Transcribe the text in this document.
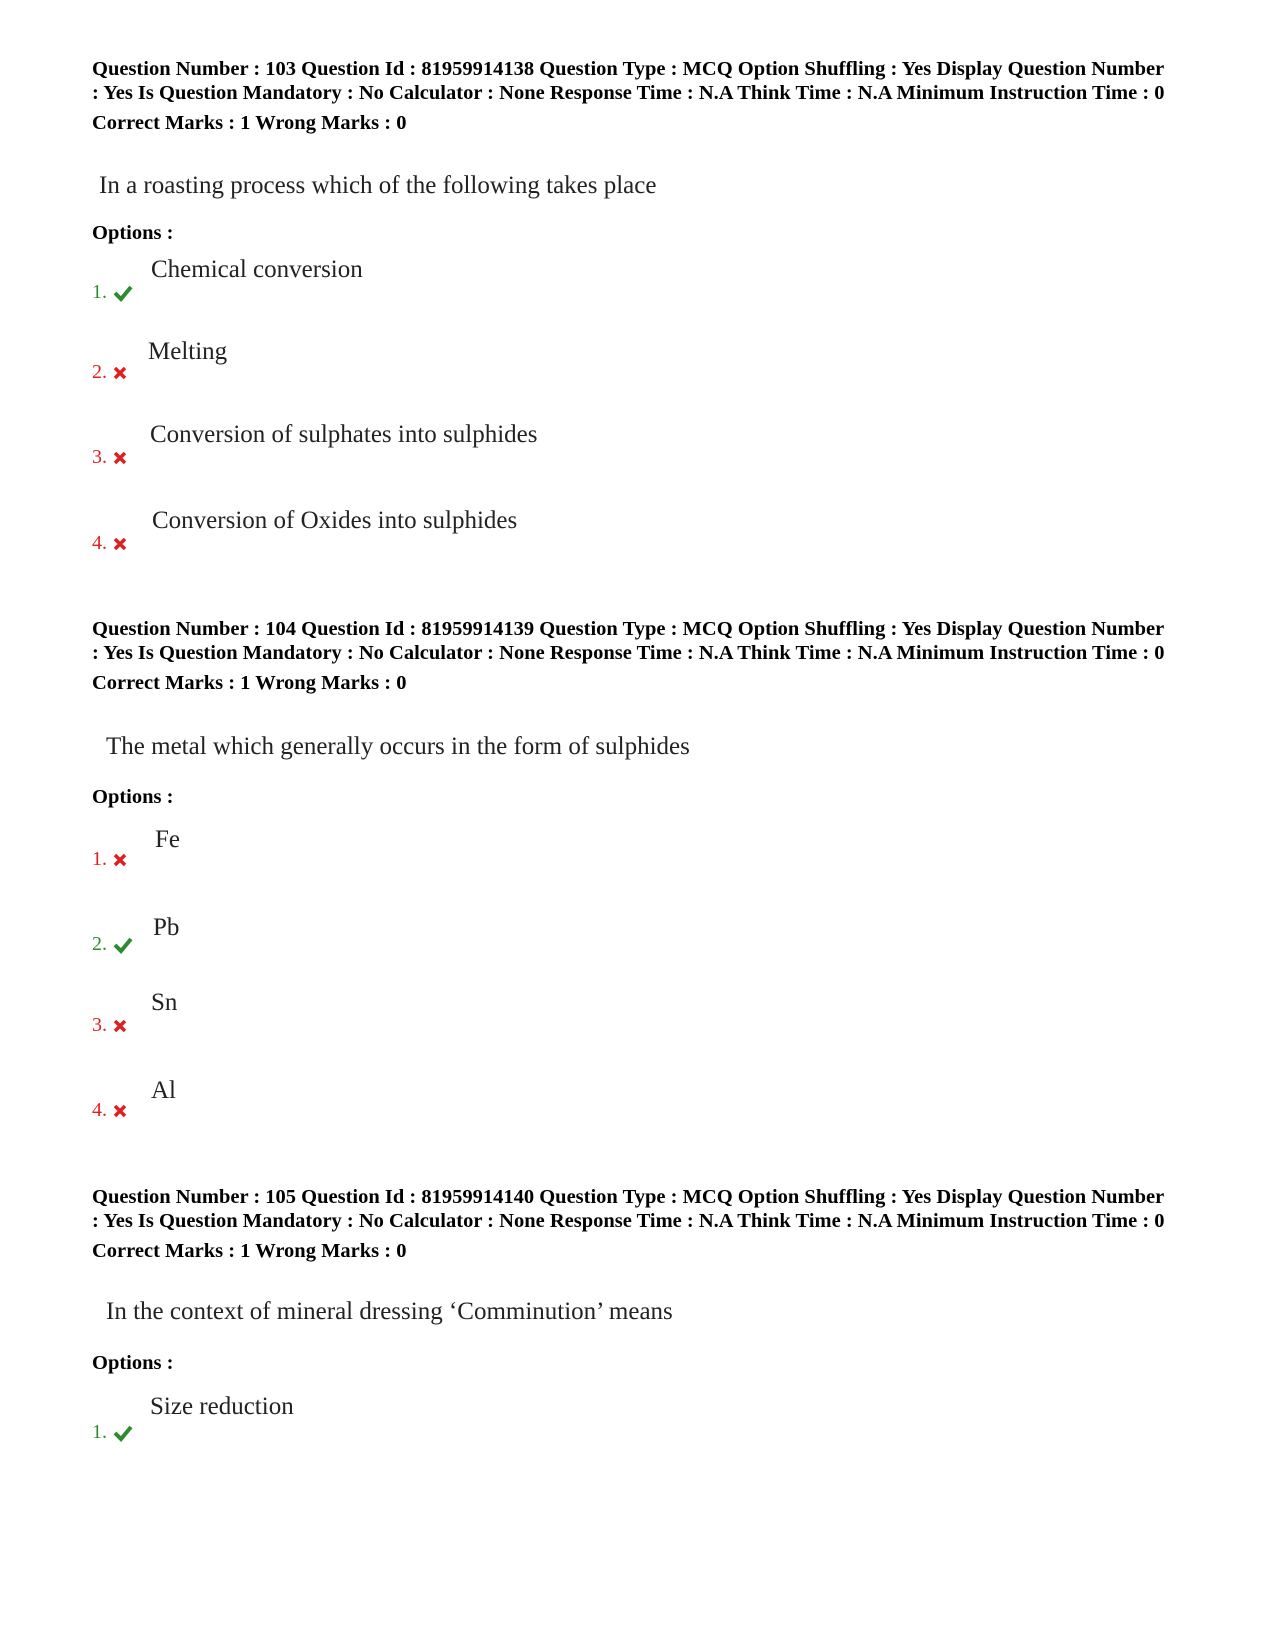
Question Number : 103 Question Id : 81959914138 Question Type : MCQ Option Shuffling : Yes Display Question Number : Yes Is Question Mandatory : No Calculator : None Response Time : N.A Think Time : N.A Minimum Instruction Time : 0

Correct Marks : 1 Wrong Marks : 0
In a roasting process which of the following takes place
Options :
1.
Chemical conversion
2.
Melting
3.
Conversion of sulphates into sulphides
4.
Conversion of Oxides into sulphides

Question Number : 104 Question Id : 81959914139 Question Type : MCQ Option Shuffling : Yes Display Question Number : Yes Is Question Mandatory : No Calculator : None Response Time : N.A Think Time : N.A Minimum Instruction Time : 0

Correct Marks : 1 Wrong Marks : 0
The metal which generally occurs in the form of sulphides
Options :
1.
Fe
2.
Pb
3.
Sn
4.
Al

Question Number : 105 Question Id : 81959914140 Question Type : MCQ Option Shuffling : Yes Display Question Number : Yes Is Question Mandatory : No Calculator : None Response Time : N.A Think Time : N.A Minimum Instruction Time : 0

Correct Marks : 1 Wrong Marks : 0
In the context of mineral dressing ‘Comminution’ means
Options :
1.
Size reduction
